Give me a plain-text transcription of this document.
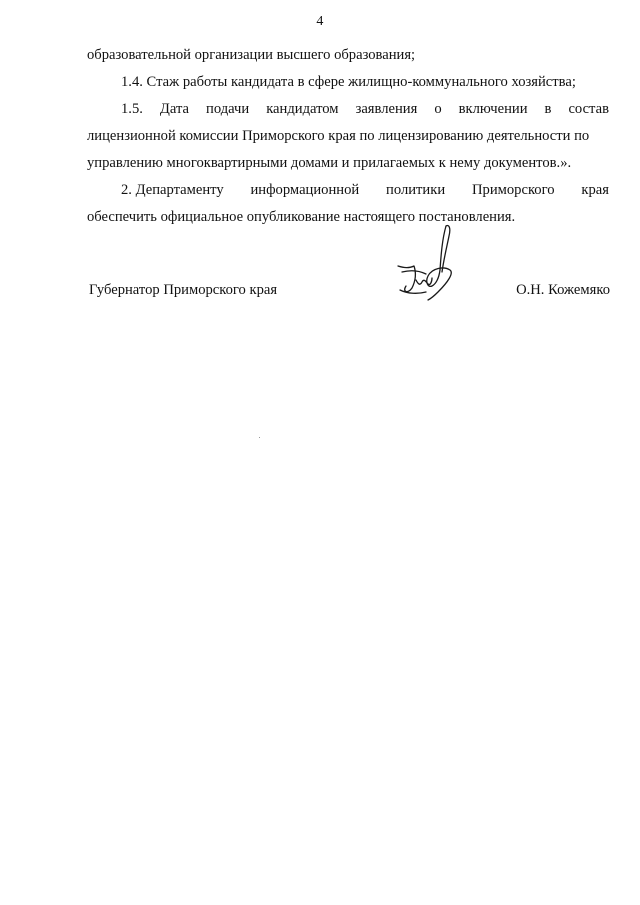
4
образовательной организации высшего образования;
1.4. Стаж работы кандидата в сфере жилищно-коммунального хозяйства;
1.5. Дата подачи кандидатом заявления о включении в состав
лицензионной комиссии Приморского края по лицензированию деятельности по
управлению многоквартирными домами и прилагаемых к нему документов.».
2. Департаменту информационной политики Приморского края
обеспечить официальное опубликование настоящего постановления.
Губернатор Приморского края	О.Н. Кожемяко
